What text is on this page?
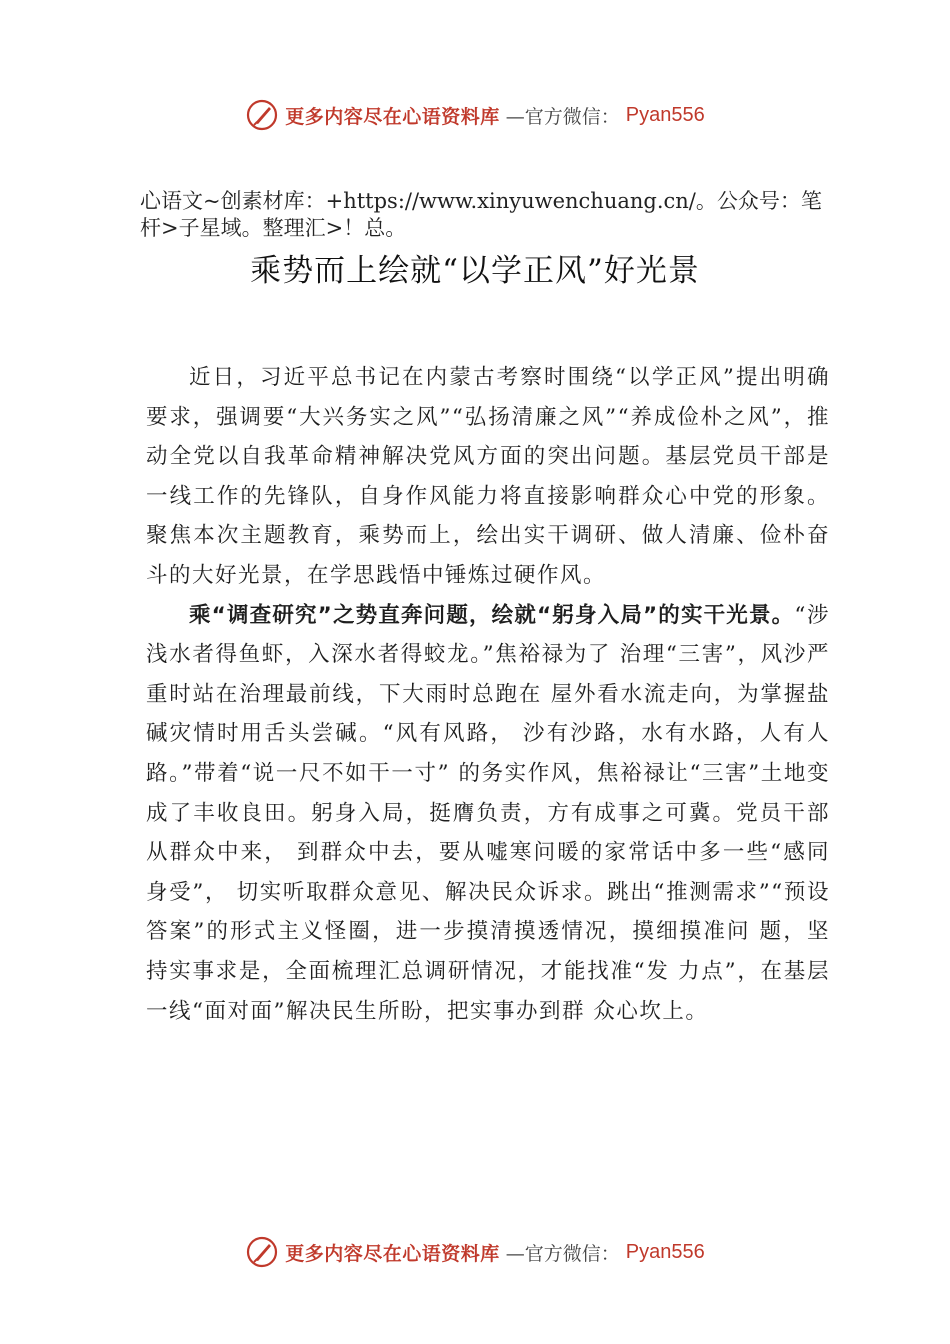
更多内容尽在心语资料库 —官方微信： Pyan556
心语文~创素材库：+https://www.xinyuwenchuang.cn/。公众号：笔杆>子星域。整理汇>！总。
乘势而上绘就“以学正风”好光景

近日，习近平总书记在内蒙古考察时围绕“以学正风”提出明确要求，强调要“大兴务实之风”“弘扬清廉之风”“养成俭朴之风”，推动全党以自我革命精神解决党风方面的突出问题。基层党员干部是一线工作的先锋队，自身作风能力将直接影响群众心中党的形象。聚焦本次主题教育，乘势而上，绘出实干调研、做人清廉、俭朴奋斗的大好光景，在学思践悟中锤炼过硬作风。

乘“调查研究”之势直奔问题，绘就“躬身入局”的实干光景。“涉浅水者得鱼虾，入深水者得蛟龙。”焦裕禄为了 治理“三害”，风沙严重时站在治理最前线，下大雨时总跑在 屋外看水流走向，为掌握盐碱灾情时用舌头尝碱。“风有风路， 沙有沙路，水有水路，人有人路。”带着“说一尺不如干一寸” 的务实作风，焦裕禄让“三害”土地变成了丰收良田。躬身入局，挺膺负责，方有成事之可冀。党员干部从群众中来， 到群众中去，要从嘘寒问暖的家常话中多一些“感同身受”， 切实听取群众意见、解决民众诉求。跳出“推测需求”“预设 答案”的形式主义怪圈，进一步摸清摸透情况，摸细摸准问 题，坚持实事求是，全面梳理汇总调研情况，才能找准“发 力点”，在基层一线“面对面”解决民生所盼，把实事办到群 众心坎上。

更多内容尽在心语资料库 —官方微信： Pyan556
